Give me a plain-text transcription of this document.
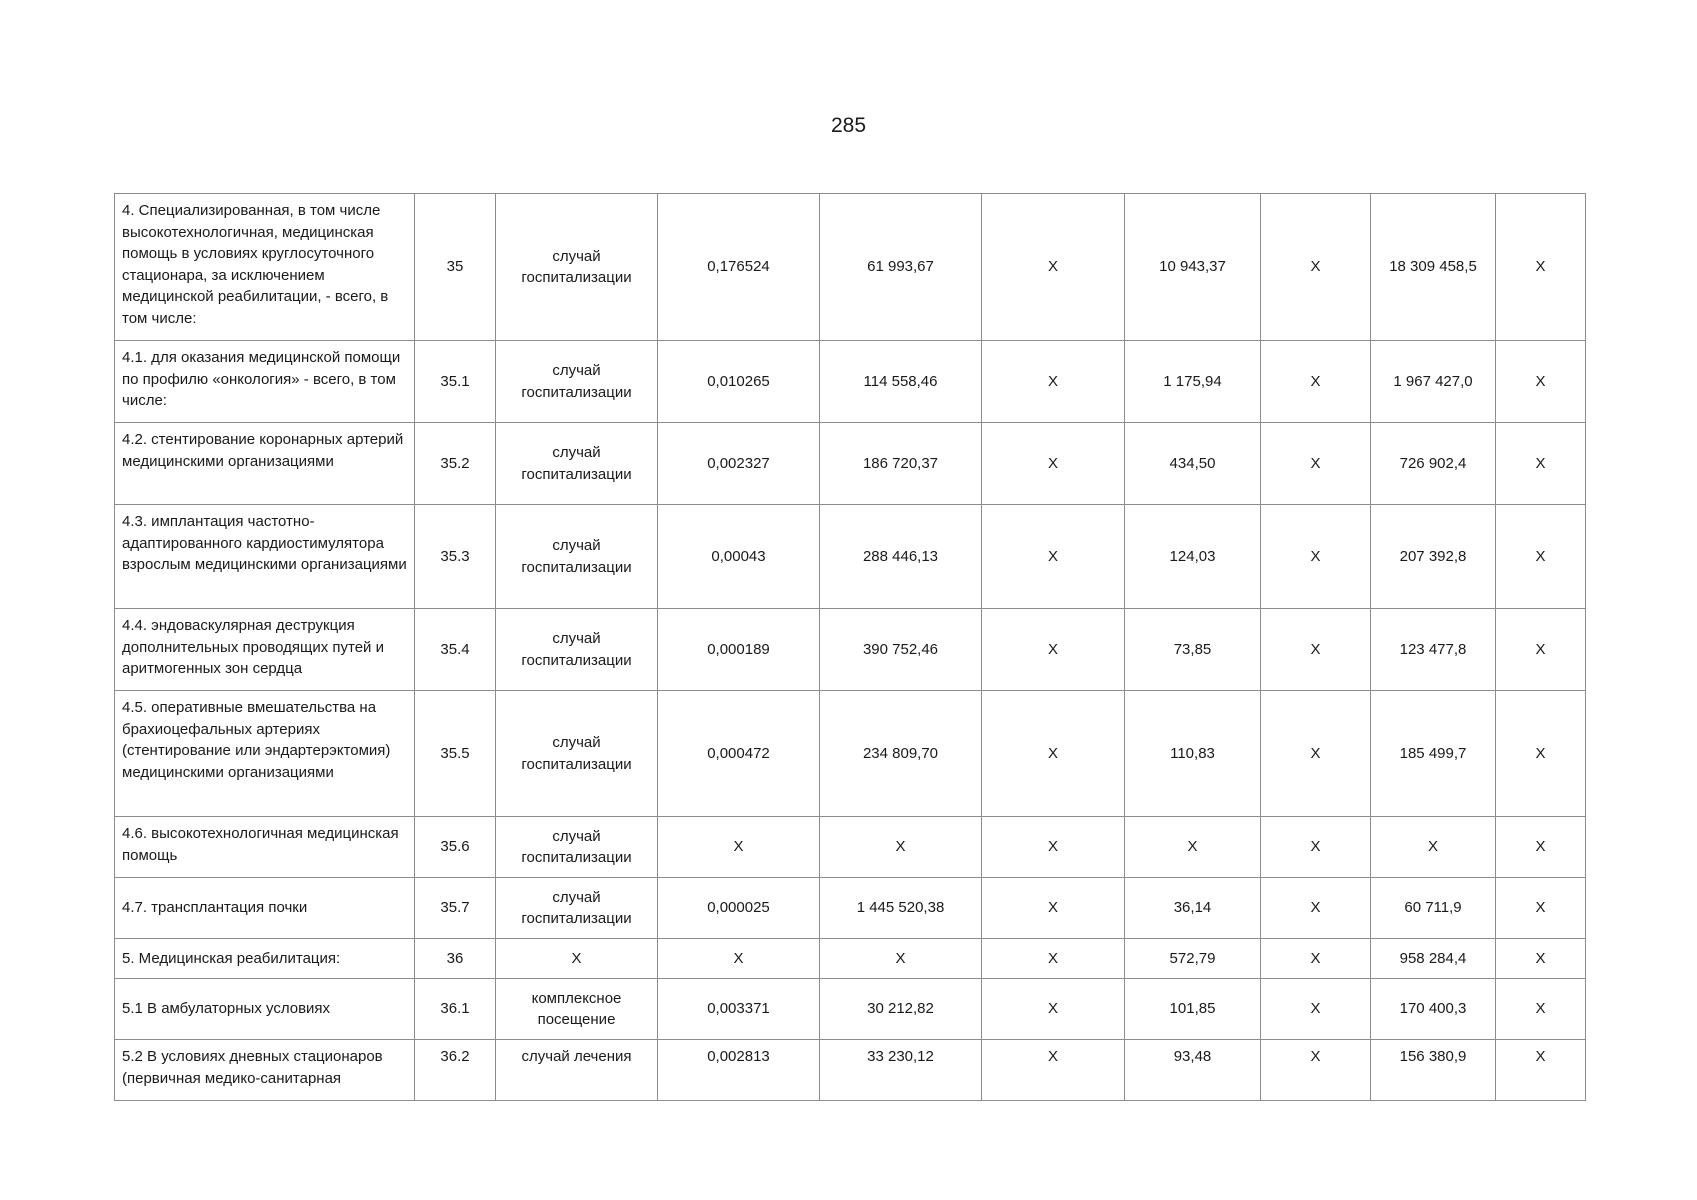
285
4. Специализированная, в том числе высокотехнологичная, медицинская помощь в условиях круглосуточного стационара, за исключением медицинской реабилитации, - всего, в том числе:	35	случай госпитализации	0,176524	61 993,67	X	10 943,37	X	18 309 458,5	X
4.1. для оказания медицинской помощи по профилю «онкология» - всего, в том числе:	35.1	случай госпитализации	0,010265	114 558,46	X	1 175,94	X	1 967 427,0	X
4.2. стентирование коронарных артерий медицинскими организациями	35.2	случай госпитализации	0,002327	186 720,37	X	434,50	X	726 902,4	X
4.3. имплантация частотно-адаптированного кардиостимулятора взрослым медицинскими организациями	35.3	случай госпитализации	0,00043	288 446,13	X	124,03	X	207 392,8	X
4.4. эндоваскулярная деструкция дополнительных проводящих путей и аритмогенных зон сердца	35.4	случай госпитализации	0,000189	390 752,46	X	73,85	X	123 477,8	X
4.5. оперативные вмешательства на брахиоцефальных артериях (стентирование или эндартерэктомия) медицинскими организациями	35.5	случай госпитализации	0,000472	234 809,70	X	110,83	X	185 499,7	X
4.6. высокотехнологичная медицинская помощь	35.6	случай госпитализации	X	X	X	X	X	X	X
4.7. трансплантация почки	35.7	случай госпитализации	0,000025	1 445 520,38	X	36,14	X	60 711,9	X
5. Медицинская реабилитация:	36	X	X	X	X	572,79	X	958 284,4	X
5.1 В амбулаторных условиях	36.1	комплексное посещение	0,003371	30 212,82	X	101,85	X	170 400,3	X
5.2 В условиях дневных стационаров (первичная медико-санитарная	36.2	случай лечения	0,002813	33 230,12	X	93,48	X	156 380,9	X
